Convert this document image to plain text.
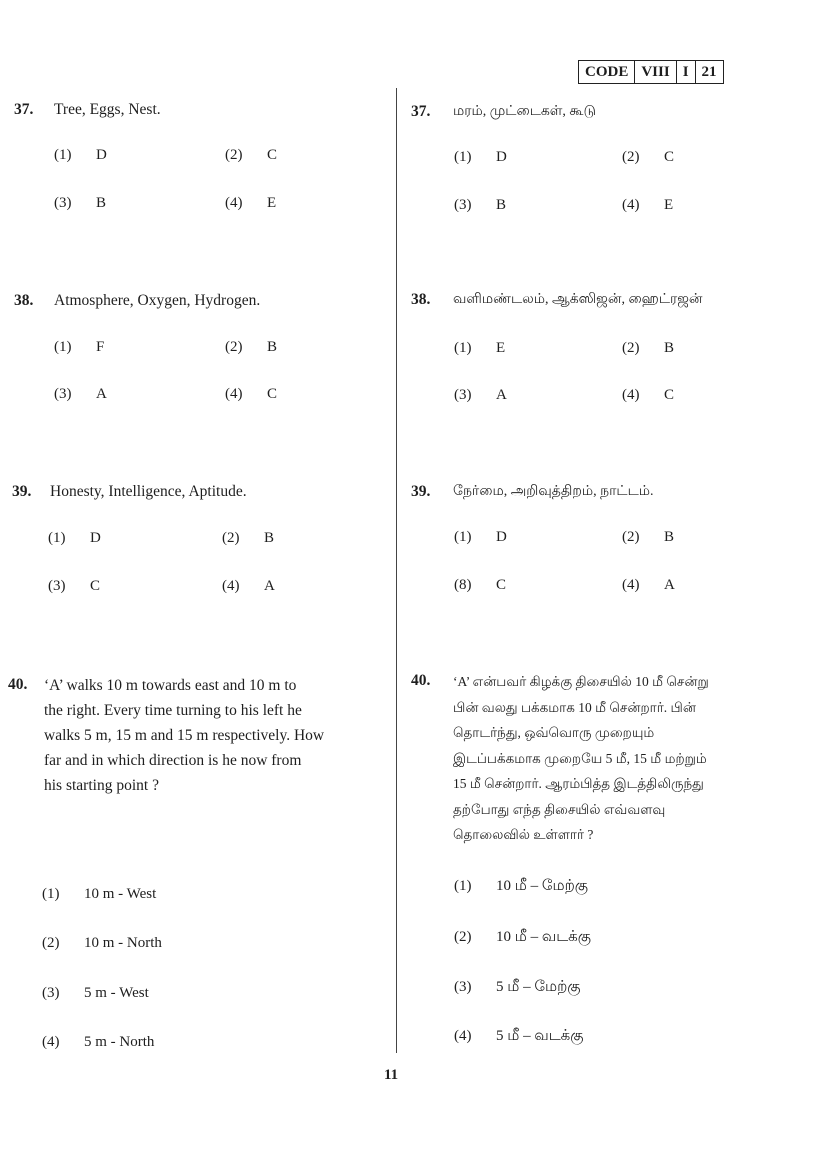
CODE VIII I 21
37. Tree, Eggs, Nest.
(1) D	(2) C
(3) B	(4) E
38. Atmosphere, Oxygen, Hydrogen.
(1) F	(2) B
(3) A	(4) C
39. Honesty, Intelligence, Aptitude.
(1) D	(2) B
(3) C	(4) A
40. ‘A’ walks 10 m towards east and 10 m to
the right. Every time turning to his left he
walks 5 m, 15 m and 15 m respectively. How
far and in which direction is he now from
his starting point ?
(1) 10 m - West
(2) 10 m - North
(3) 5 m - West
(4) 5 m - North
37. மரம், முட்டைகள், கூடு
(1) D	(2) C
(3) B	(4) E
38. வளிமண்டலம், ஆக்ஸிஜன், ஹைட்ரஜன்
(1) E	(2) B
(3) A	(4) C
39. நேர்மை, அறிவுத்திறம், நாட்டம்.
(1) D	(2) B
(8) C	(4) A
40. ‘A’ என்பவர் கிழக்கு திசையில் 10 மீ சென்று
பின் வலது பக்கமாக 10 மீ சென்றார். பின்
தொடர்ந்து, ஒவ்வொரு முறையும்
இடப்பக்கமாக முறையே 5 மீ, 15 மீ மற்றும்
15 மீ சென்றார். ஆரம்பித்த இடத்திலிருந்து
தற்போது எந்த திசையில் எவ்வளவு
தொலைவில் உள்ளார் ?
(1) 10 மீ – மேற்கு
(2) 10 மீ – வடக்கு
(3) 5 மீ – மேற்கு
(4) 5 மீ – வடக்கு
11
